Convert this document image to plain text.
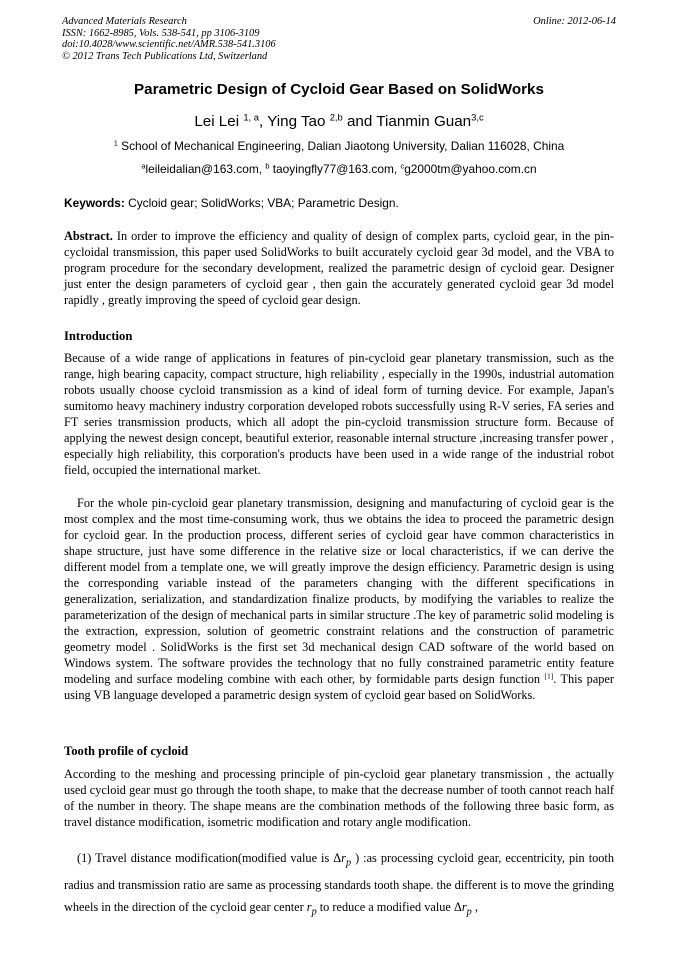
Advanced Materials Research
ISSN: 1662-8985, Vols. 538-541, pp 3106-3109
doi:10.4028/www.scientific.net/AMR.538-541.3106
© 2012 Trans Tech Publications Ltd, Switzerland
Online: 2012-06-14
Parametric Design of Cycloid Gear Based on SolidWorks
Lei Lei $^{1, a}$, Ying Tao $^{2,b}$ and Tianmin Guan$^{3,c}$
$^1$ School of Mechanical Engineering, Dalian Jiaotong University, Dalian 116028, China
$^a$leileidalian@163.com, $^b$ taoyingfly77@163.com, $^c$g2000tm@yahoo.com.cn
Keywords: Cycloid gear; SolidWorks; VBA; Parametric Design.
Abstract. In order to improve the efficiency and quality of design of complex parts, cycloid gear, in the pin-cycloidal transmission, this paper used SolidWorks to built accurately cycloid gear 3d model, and the VBA to program procedure for the secondary development, realized the parametric design of cycloid gear. Designer just enter the design parameters of cycloid gear , then gain the accurately generated cycloid gear 3d model rapidly , greatly improving the speed of cycloid gear design.
Introduction
Because of a wide range of applications in features of pin-cycloid gear planetary transmission, such as the range, high bearing capacity, compact structure, high reliability , especially in the 1990s, industrial automation robots usually choose cycloid transmission as a kind of ideal form of turning device. For example, Japan's sumitomo heavy machinery industry corporation developed robots successfully using R-V series, FA series and FT series transmission products, which all adopt the pin-cycloid transmission structure form. Because of applying the newest design concept, beautiful exterior, reasonable internal structure ,increasing transfer power , especially high reliability, this corporation's products have been used in a wide range of the industrial robot field, occupied the international market.
For the whole pin-cycloid gear planetary transmission, designing and manufacturing of cycloid gear is the most complex and the most time-consuming work, thus we obtains the idea to proceed the parametric design for cycloid gear. In the production process, different series of cycloid gear have common characteristics in shape structure, just have some difference in the relative size or local characteristics, if we can derive the different model from a template one, we will greatly improve the design efficiency. Parametric design is using the corresponding variable instead of the parameters changing with the different specifications in generalization, serialization, and standardization finalize products, by modifying the variables to realize the parameterization of the design of mechanical parts in similar structure .The key of parametric solid modeling is the extraction, expression, solution of geometric constraint relations and the construction of parametric geometry model . SolidWorks is the first set 3d mechanical design CAD software of the world based on Windows system. The software provides the technology that no fully constrained parametric entity feature modeling and surface modeling combine with each other, by formidable parts design function [1]. This paper using VB language developed a parametric design system of cycloid gear based on SolidWorks.
Tooth profile of cycloid
According to the meshing and processing principle of pin-cycloid gear planetary transmission , the actually used cycloid gear must go through the tooth shape, to make that the decrease number of tooth cannot reach half of the number in theory. The shape means are the combination methods of the following three basic form, as travel distance modification, isometric modification and rotary angle modification.
(1) Travel distance modification(modified value is $\Delta r_p$ ) :as processing cycloid gear, eccentricity, pin tooth radius and transmission ratio are same as processing standards tooth shape. the different is to move the grinding wheels in the direction of the cycloid gear center $r_p$ to reduce a modified value $\Delta r_p$ ,
